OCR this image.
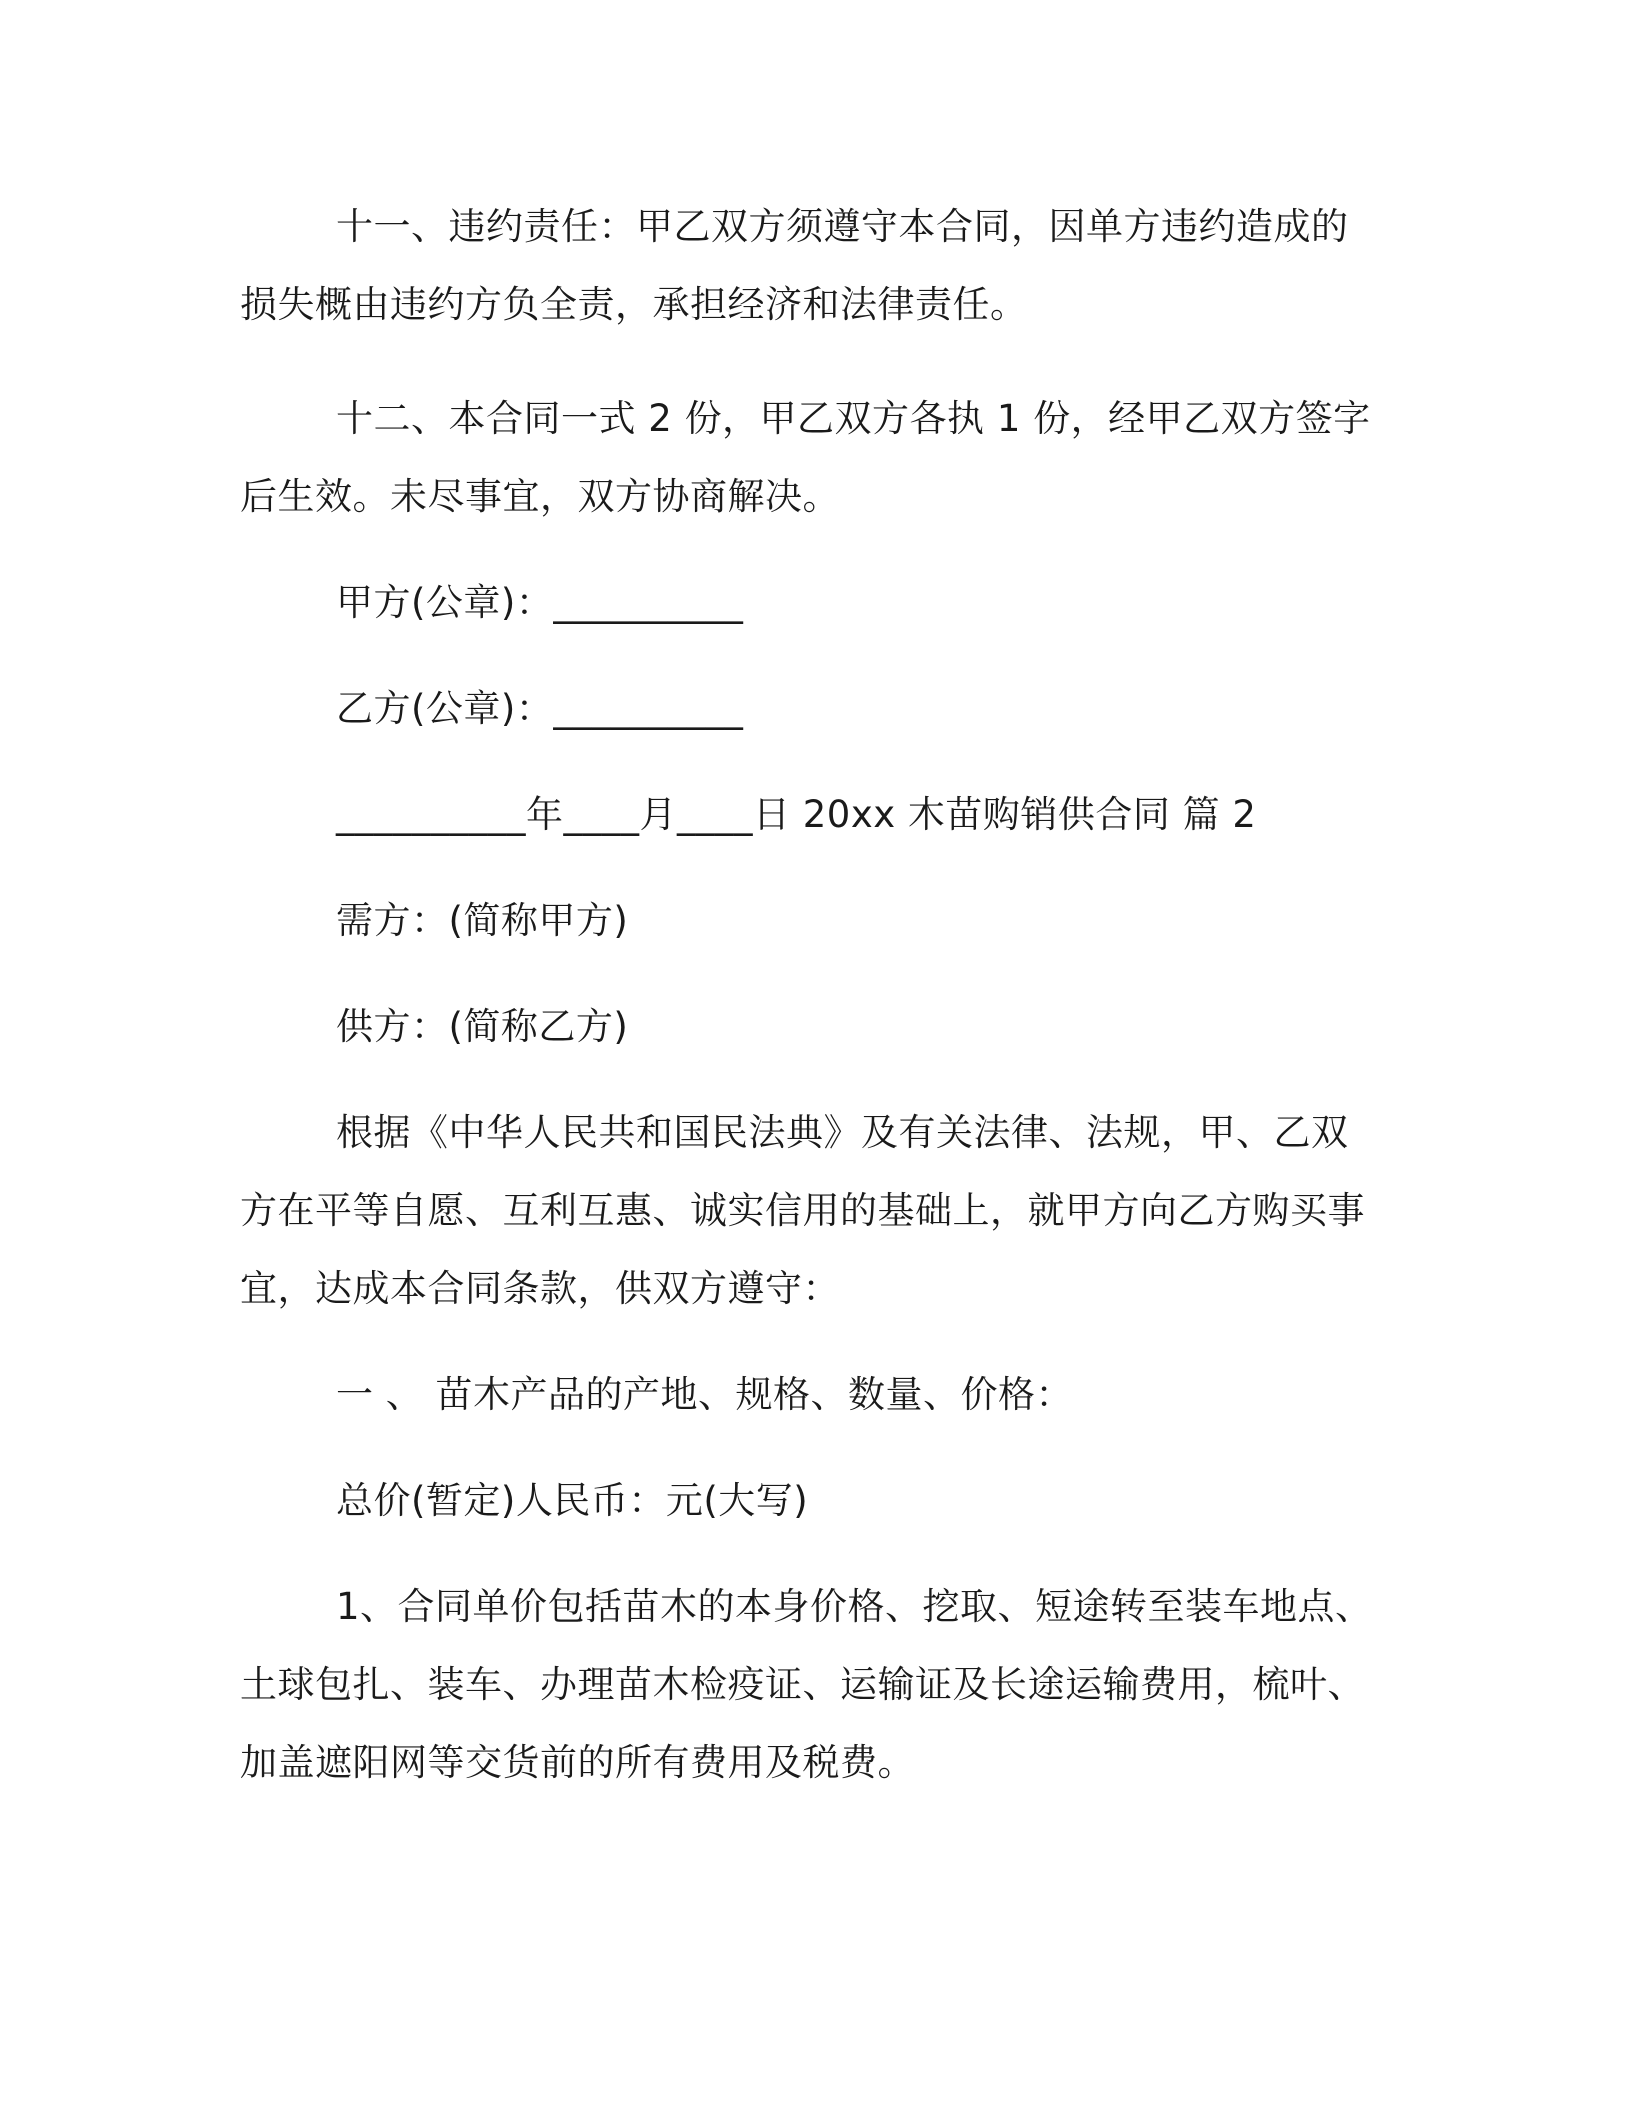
十一、违约责任：甲乙双方须遵守本合同，因单方违约造成的损失概由违约方负全责，承担经济和法律责任。

十二、本合同一式 2 份，甲乙双方各执 1 份，经甲乙双方签字后生效。未尽事宜，双方协商解决。

甲方(公章)：__________

乙方(公章)：__________

__________年____月____日 20xx 木苗购销供合同 篇 2

需方：(简称甲方)

供方：(简称乙方)

根据《中华人民共和国民法典》及有关法律、法规，甲、乙双方在平等自愿、互利互惠、诚实信用的基础上，就甲方向乙方购买事宜，达成本合同条款，供双方遵守：

一 、 苗木产品的产地、规格、数量、价格：

总价(暂定)人民币：元(大写)

1、合同单价包括苗木的本身价格、挖取、短途转至装车地点、土球包扎、装车、办理苗木检疫证、运输证及长途运输费用，梳叶、加盖遮阳网等交货前的所有费用及税费。
